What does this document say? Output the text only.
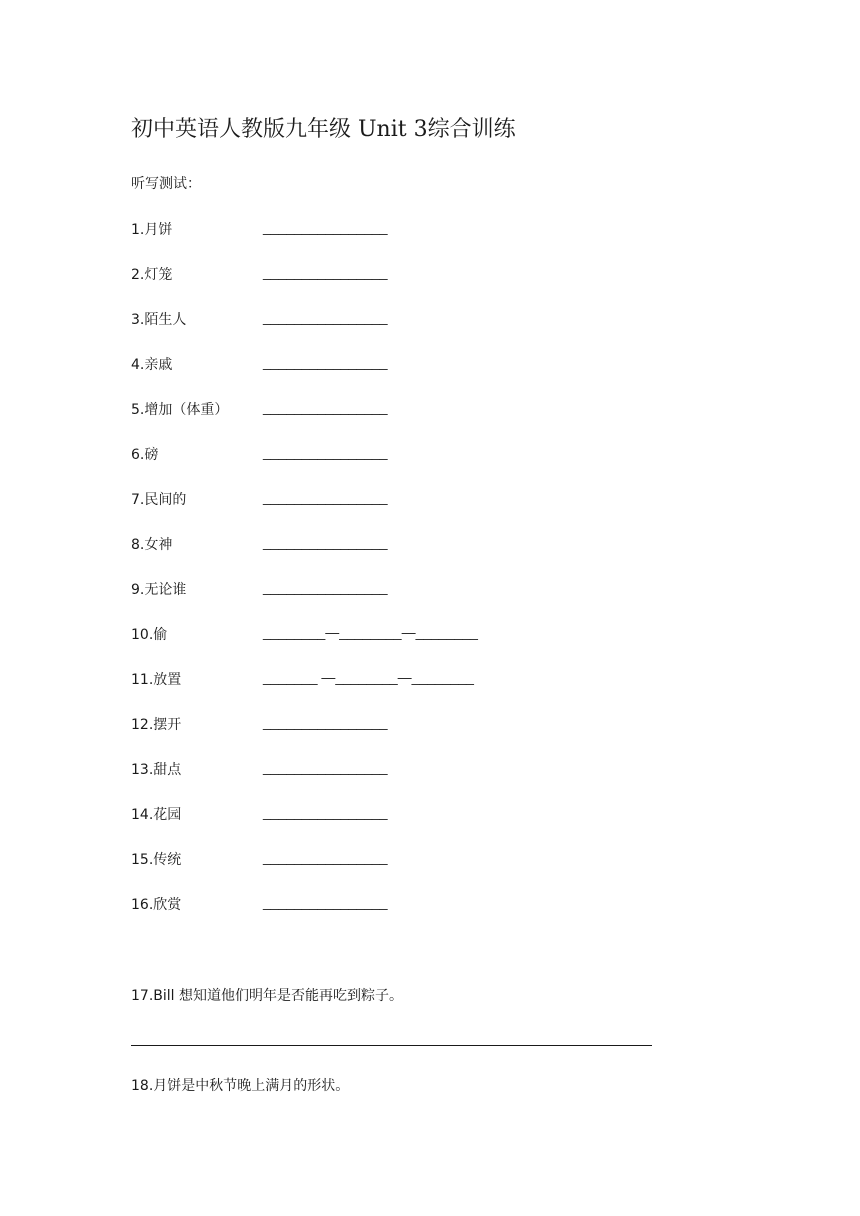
初中英语人教版九年级 Unit 3综合训练
听写测试：
1.月饼	________________
2.灯笼	________________
3.陌生人	________________
4.亲戚	________________
5.增加（体重） ________________
6.磅	________________
7.民间的	________________
8.女神	________________
9.无论谁	________________
10.偷	________—________—________
11.放置	_______ —________—________
12.摆开	________________
13.甜点	________________
14.花园	________________
15.传统	________________
16.欣赏	________________
17.Bill 想知道他们明年是否能再吃到粽子。
18.月饼是中秋节晚上满月的形状。
